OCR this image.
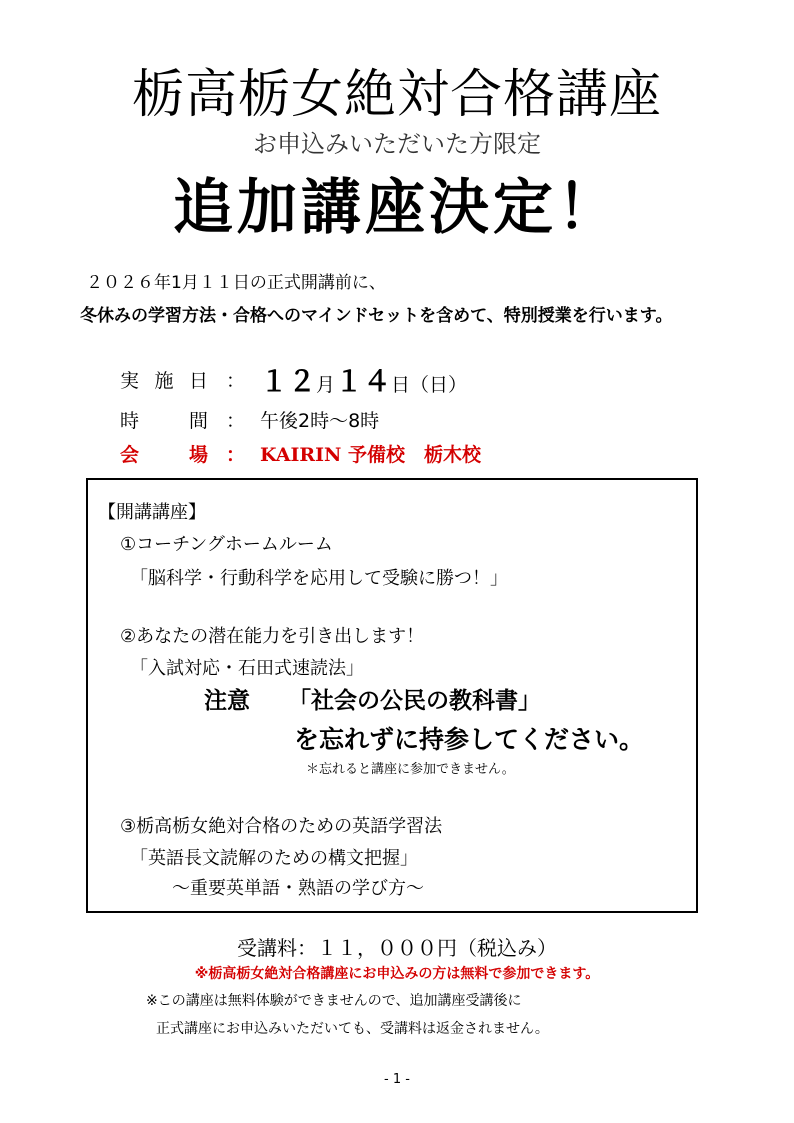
栃高栃女絶対合格講座
お申込みいただいた方限定
追加講座決定！
２０２６年1月１１日の正式開講前に、
冬休みの学習方法・合格へのマインドセットを含めて、特別授業を行います。
実施日 ： １２月１４日（日）
時間 ： 午後2時～8時
会場 ： KAIRIN 予備校　栃木校
【開講講座】
①コーチングホームルーム
「脳科学・行動科学を応用して受験に勝つ！」
②あなたの潜在能力を引き出します！
「入試対応・石田式速読法」
注意 「社会の公民の教科書」
を忘れずに持参してください。
＊忘れると講座に参加できません。
③栃高栃女絶対合格のための英語学習法
「英語長文読解のための構文把握」
～重要英単語・熟語の学び方～
受講料：１１，０００円（税込み）
※栃高栃女絶対合格講座にお申込みの方は無料で参加できます。
※この講座は無料体験ができませんので、追加講座受講後に
正式講座にお申込みいただいても、受講料は返金されません。
- 1 -
